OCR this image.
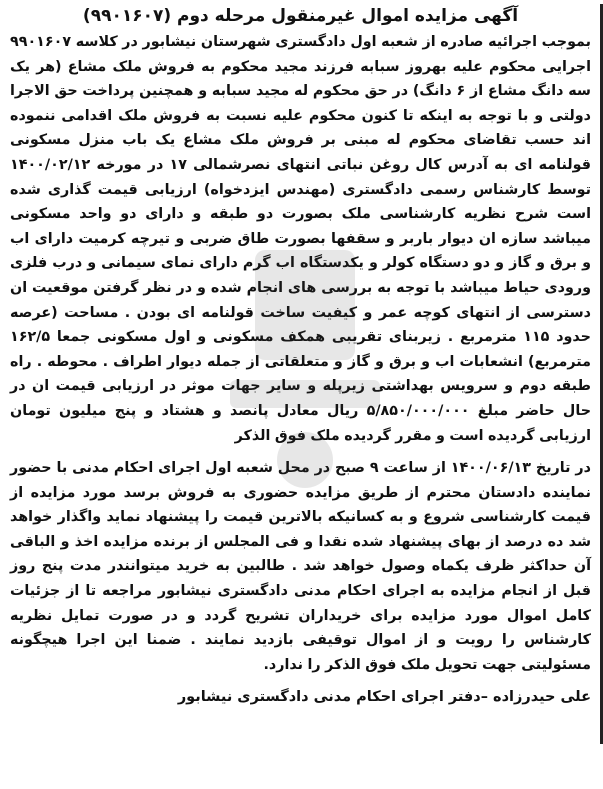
آگهی مزایده اموال غیرمنقول مرحله دوم (۹۹۰۱۶۰۷)

بموجب اجرائیه صادره از شعبه اول دادگستری شهرستان نیشابور در کلاسه ۹۹۰۱۶۰۷ اجرایی محکوم علیه بهروز سبابه فرزند مجید محکوم به فروش ملک مشاع (هر یک سه دانگ مشاع از ۶ دانگ) در حق محکوم له مجید سبابه و همچنین پرداخت حق الاجرا دولتی و با توجه به اینکه تا کنون محکوم علیه نسبت به فروش ملک اقدامی ننموده اند حسب تقاضای محکوم له مبنی بر فروش ملک مشاع یک باب منزل مسکونی قولنامه ای به آدرس کال روغن نباتی انتهای نصرشمالی ۱۷ در مورخه ۱۴۰۰/۰۲/۱۲ توسط کارشناس رسمی دادگستری (مهندس ایزدخواه) ارزیابی قیمت گذاری شده است شرح نظریه کارشناسی ملک بصورت دو طبقه و دارای دو واحد مسکونی میباشد سازه ان دیوار باربر و سقفها بصورت طاق ضربی و تیرچه کرمیت دارای اب و برق و گاز و دو دستگاه کولر و یکدستگاه اب گرم دارای نمای سیمانی و درب فلزی ورودی حیاط میباشد با توجه به بررسی های انجام شده و در نظر گرفتن موقعیت ان دسترسی از انتهای کوچه عمر و کیفیت ساخت قولنامه ای بودن . مساحت (عرصه حدود ۱۱۵ مترمربع . زیربنای تقریبی همکف مسکونی و اول مسکونی جمعا ۱۶۲/۵ مترمربع) انشعابات اب و برق و گاز و متعلقاتی از جمله دیوار اطراف . محوطه . راه طبقه دوم و سرویس بهداشتی زیرپله و سایر جهات موثر در ارزیابی قیمت ان در حال حاضر مبلغ ۵/۸۵۰/۰۰۰/۰۰۰ ریال معادل پانصد و هشتاد و پنج میلیون تومان ارزیابی گردیده است و مقرر گردیده ملک فوق الذکر

در تاریخ ۱۴۰۰/۰۶/۱۳ از ساعت ۹ صبح در محل شعبه اول اجرای احکام مدنی با حضور نماینده دادستان محترم از طریق مزایده حضوری به فروش برسد مورد مزایده از قیمت کارشناسی شروع و به کسانیکه بالاترین قیمت را پیشنهاد نماید واگذار خواهد شد ده درصد از بهای پیشنهاد شده نقدا و فی المجلس از برنده مزایده اخذ و الباقی آن حداکثر ظرف یکماه وصول خواهد شد . طالبین به خرید میتوانندر مدت پنج روز قبل از انجام مزایده به اجرای احکام مدنی دادگستری نیشابور مراجعه تا از جزئیات کامل اموال مورد مزایده برای خریداران تشریح گردد و در صورت تمایل نظریه کارشناس را رویت و از اموال توقیفی بازدید نمایند . ضمنا این اجرا هیچگونه مسئولیتی جهت تحویل ملک فوق الذکر را ندارد.

علی حیدرزاده –دفتر اجرای احکام مدنی دادگستری نیشابور
